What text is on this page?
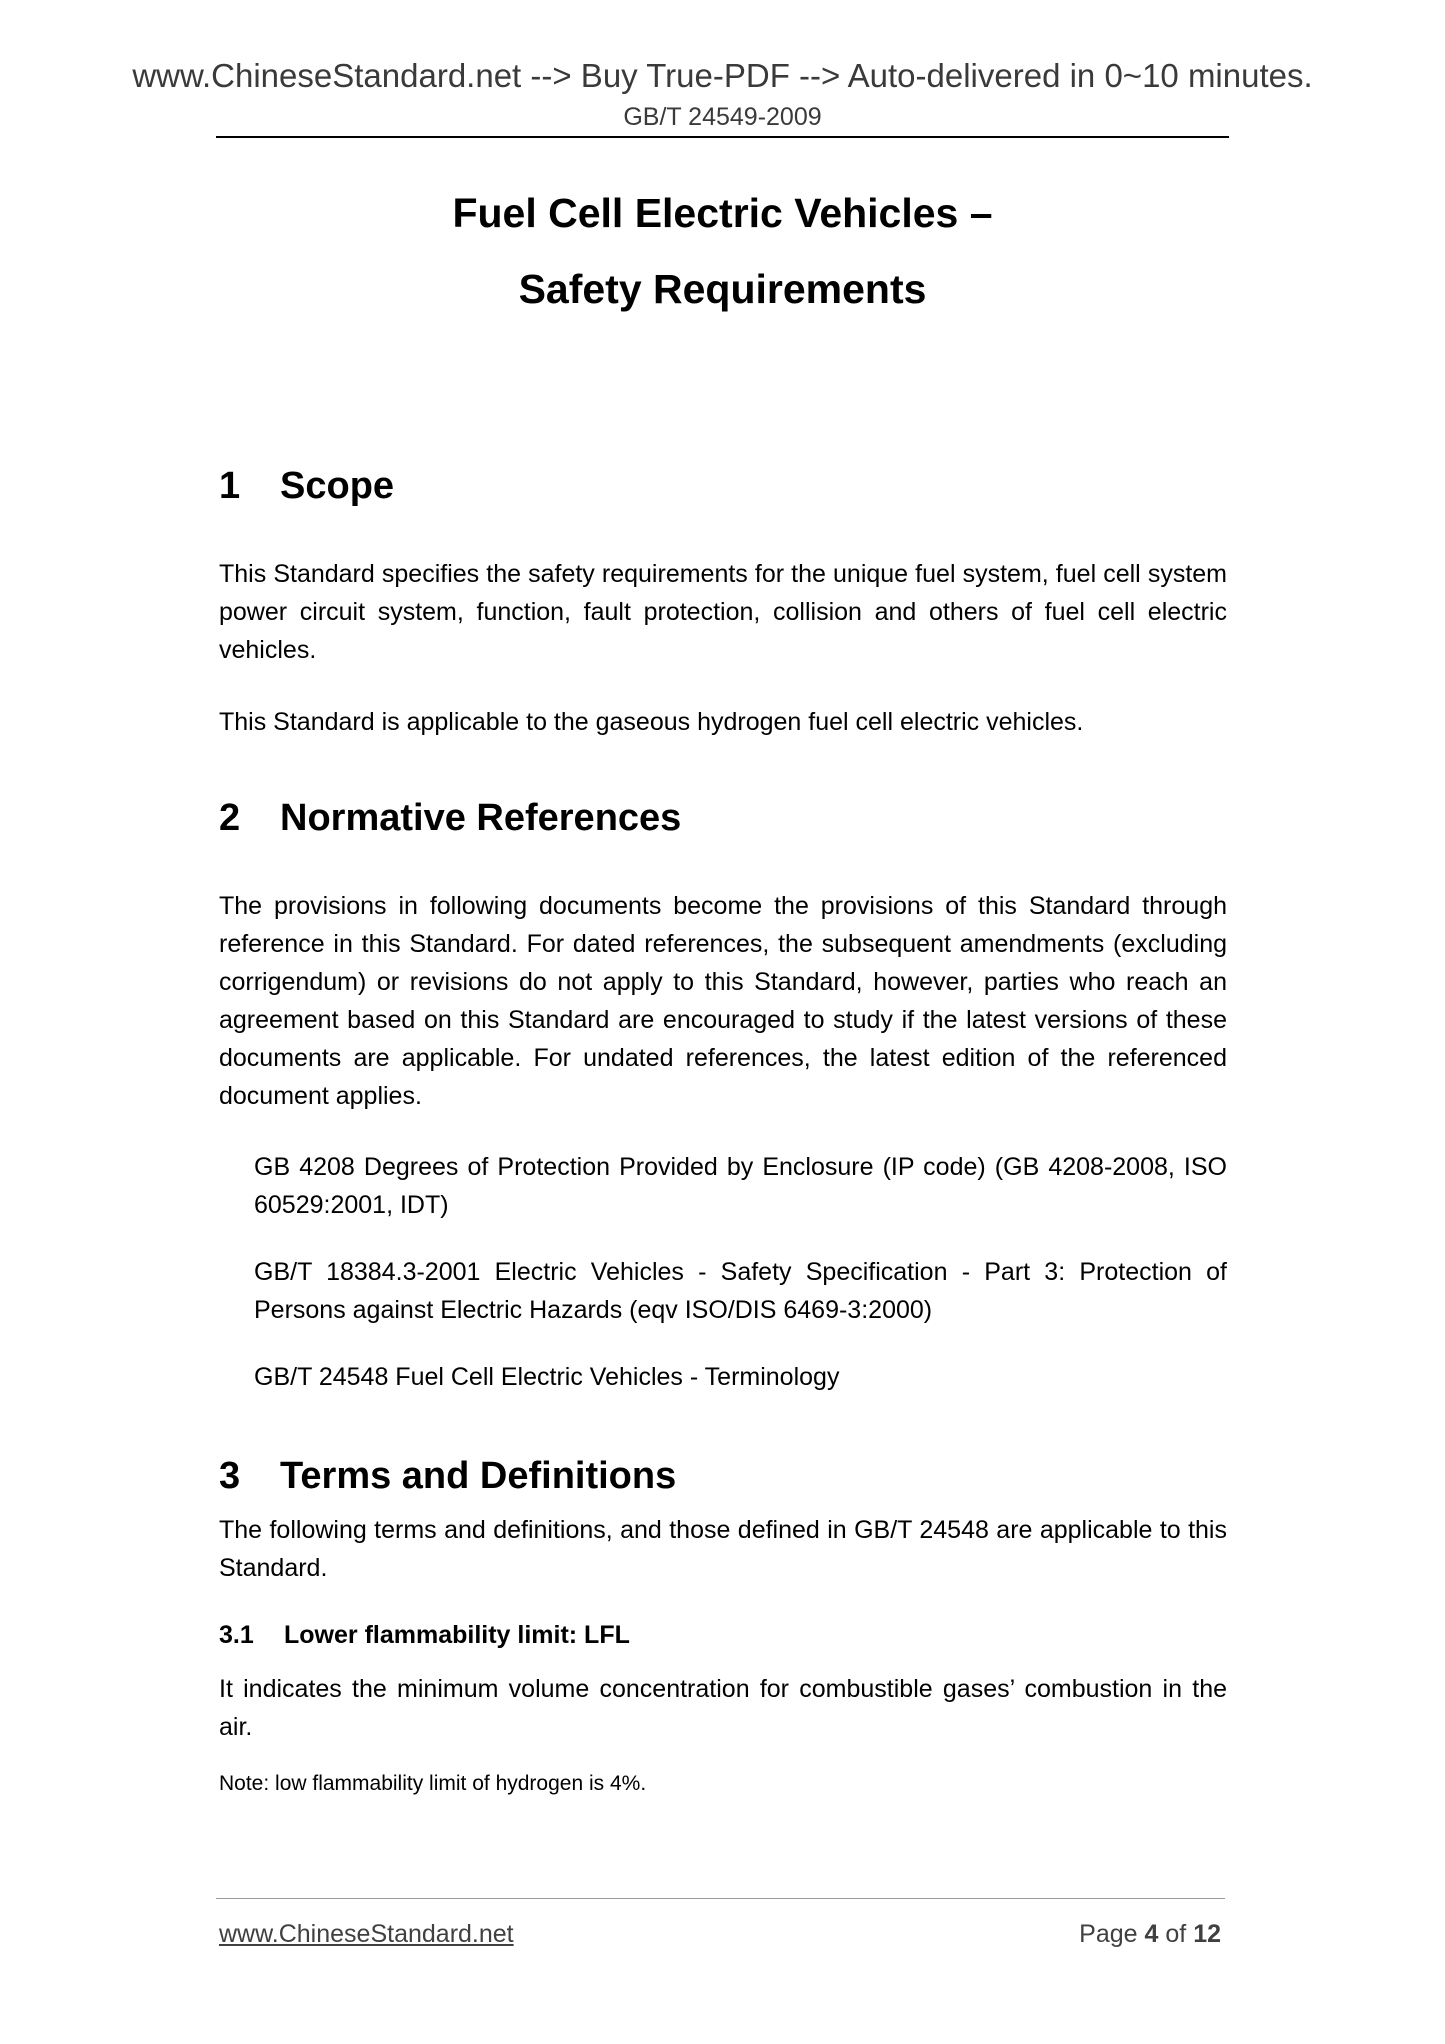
www.ChineseStandard.net --> Buy True-PDF --> Auto-delivered in 0~10 minutes.
GB/T 24549-2009
Fuel Cell Electric Vehicles –
Safety Requirements
1 Scope
This Standard specifies the safety requirements for the unique fuel system, fuel cell system power circuit system, function, fault protection, collision and others of fuel cell electric vehicles.
This Standard is applicable to the gaseous hydrogen fuel cell electric vehicles.
2 Normative References
The provisions in following documents become the provisions of this Standard through reference in this Standard. For dated references, the subsequent amendments (excluding corrigendum) or revisions do not apply to this Standard, however, parties who reach an agreement based on this Standard are encouraged to study if the latest versions of these documents are applicable. For undated references, the latest edition of the referenced document applies.
GB 4208 Degrees of Protection Provided by Enclosure (IP code) (GB 4208-2008, ISO 60529:2001, IDT)
GB/T 18384.3-2001 Electric Vehicles - Safety Specification - Part 3: Protection of Persons against Electric Hazards (eqv ISO/DIS 6469-3:2000)
GB/T 24548 Fuel Cell Electric Vehicles - Terminology
3 Terms and Definitions
The following terms and definitions, and those defined in GB/T 24548 are applicable to this Standard.
3.1 Lower flammability limit: LFL
It indicates the minimum volume concentration for combustible gases’ combustion in the air.
Note: low flammability limit of hydrogen is 4%.
www.ChineseStandard.net	Page 4 of 12
